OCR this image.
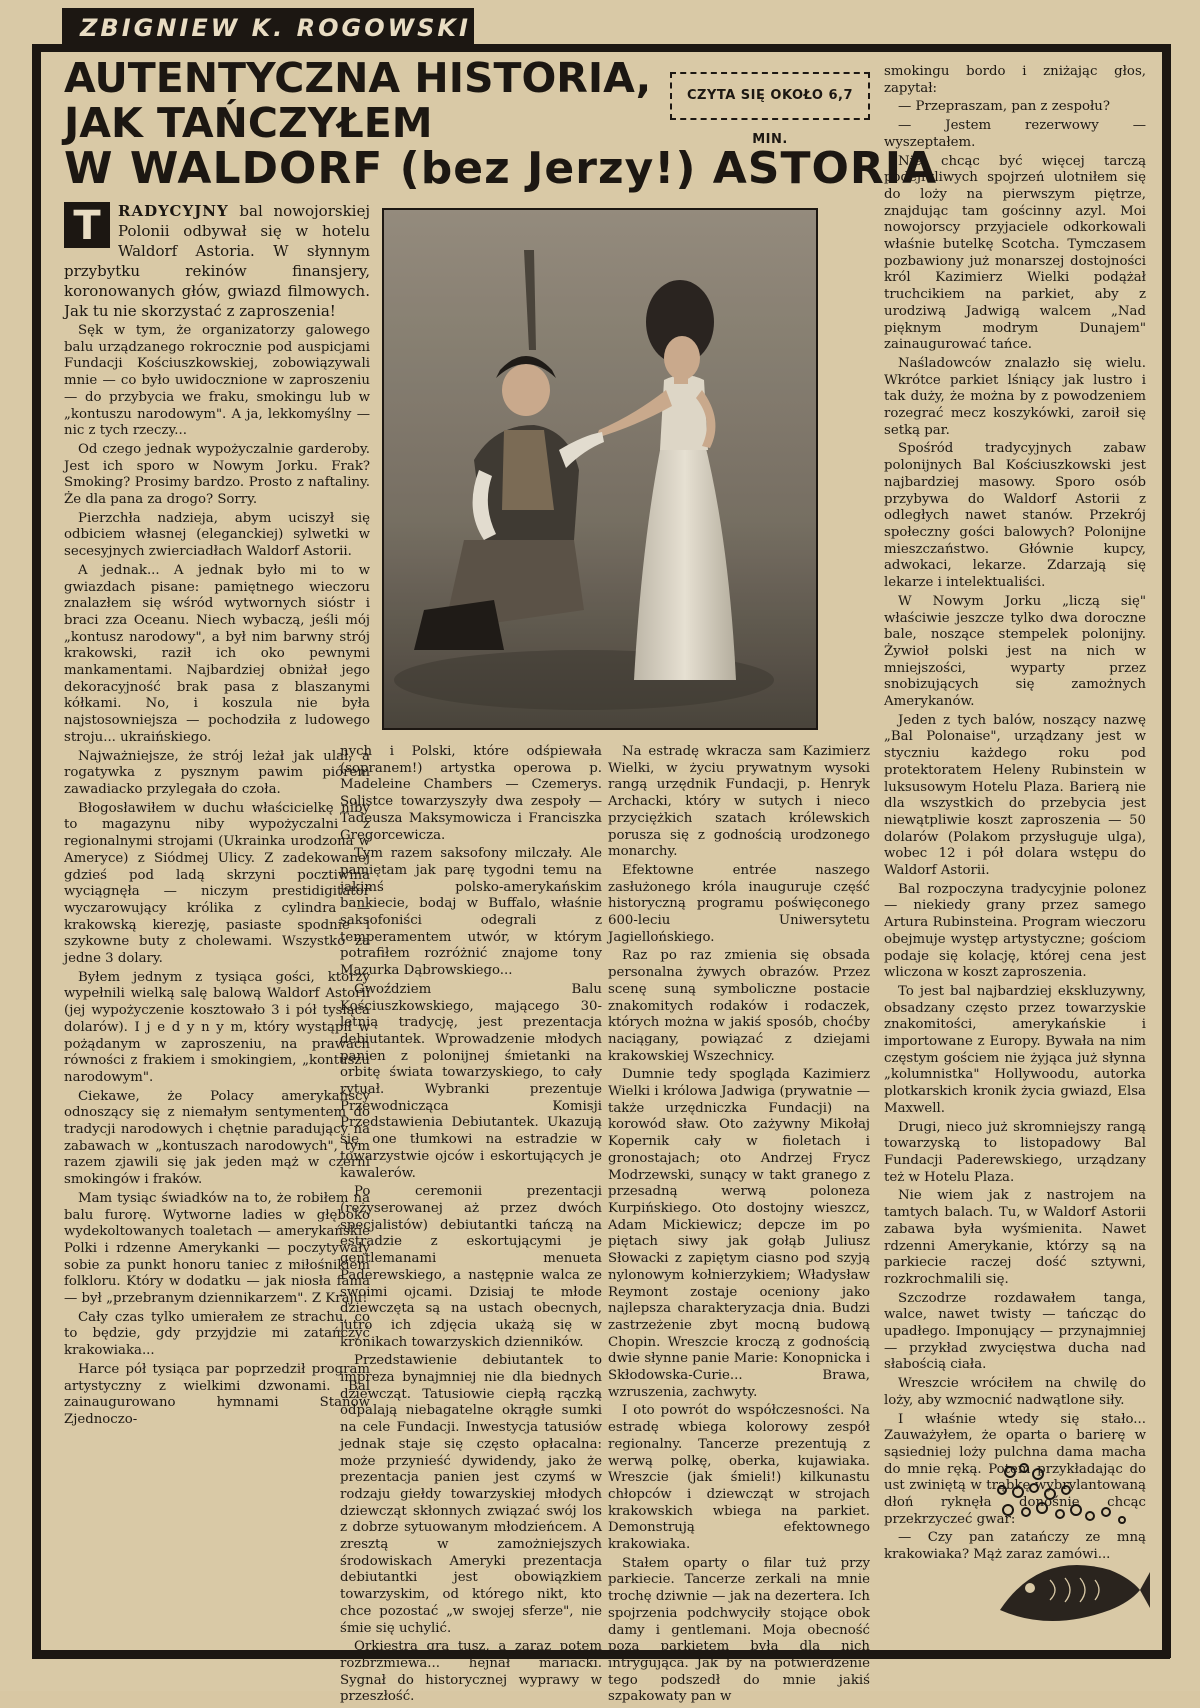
ZBIGNIEW K. ROGOWSKI
AUTENTYCZNA HISTORIA,
JAK TAŃCZYŁEM
W WALDORF (bez Jerzy!) ASTORIA
CZYTA SIĘ OKOŁO 6,7 MIN.

T	RADYCYJNY bal nowojorskiej Polonii odbywał się w hotelu Waldorf Astoria. W słynnym przybytku rekinów finansjery, koronowanych głów, gwiazd filmowych. Jak tu nie skorzystać z zaproszenia!

Sęk w tym, że organizatorzy galowego balu urządzanego rokrocznie pod auspicjami Fundacji Kościuszkowskiej, zobowiązywali mnie — co było uwidocznione w zaproszeniu — do przybycia we fraku, smokingu lub w „kontuszu narodowym". A ja, lekkomyślny — nic z tych rzeczy...

Od czego jednak wypożyczalnie garderoby. Jest ich sporo w Nowym Jorku. Frak? Smoking? Prosimy bardzo. Prosto z naftaliny. Że dla pana za drogo? Sorry.

Pierzchła nadzieja, abym uciszył się odbiciem własnej (eleganckiej) sylwetki w secesyjnych zwierciadłach Waldorf Astorii.

A jednak... A jednak było mi to w gwiazdach pisane: pamiętnego wieczoru znalazłem się wśród wytwornych sióstr i braci zza Oceanu. Niech wybaczą, jeśli mój „kontusz narodowy", a był nim barwny strój krakowski, raził ich oko pewnymi mankamentami. Najbardziej obniżał jego dekoracyjność brak pasa z blaszanymi kółkami. No, i koszula nie była najstosowniejsza — pochodziła z ludowego stroju... ukraińskiego.

Najważniejsze, że strój leżał jak ulał, a rogatywka z pysznym pawim piórem zawadiacko przylegała do czoła.

Błogosławiłem w duchu właścicielkę niby to magazynu niby wypożyczalni z regionalnymi strojami (Ukrainka urodzona w Ameryce) z Siódmej Ulicy. Z zadekowanej gdzieś pod ladą skrzyni pocztiwina wyciągnęła — niczym prestidigitator wyczarowujący królika z cylindra — krakowską kierezję, pasiaste spodnie i szykowne buty z cholewami. Wszystko za jedne 3 dolary.

Byłem jednym z tysiąca gości, którzy wypełnili wielką salę balową Waldorf Astorii (jej wypożyczenie kosztowało 3 i pół tysiąca dolarów). I j e d y n y m, który wystąpił w pożądanym w zaproszeniu, na prawach równości z frakiem i smokingiem, „kontuszu narodowym".

Ciekawe, że Polacy amerykańscy odnoszący się z niemałym sentymentem do tradycji narodowych i chętnie paradujący na zabawach w „kontuszach narodowych", tym razem zjawili się jak jeden mąż w czerni smokingów i fraków.

Mam tysiąc świadków na to, że robiłem na balu furorę. Wytworne ladies w głęboko wydekoltowanych toaletach — amerykańskie Polki i rdzenne Amerykanki — poczytywały sobie za punkt honoru taniec z miłośnikiem folkloru. Który w dodatku — jak niosła fama — był „przebranym dziennikarzem". Z Kraju!

Cały czas tylko umierałem ze strachu, co to będzie, gdy przyjdzie mi zatańczyć krakowiaka...

Harce pół tysiąca par poprzedził program artystyczny z wielkimi dzwonami. Bal zainaugurowano hymnami Stanów Zjednoczo-

nych i Polski, które odśpiewała (sopranem!) artystka operowa p. Madeleine Chambers — Czemerys. Solistce towarzyszyły dwa zespoły — Tadeusza Maksymowicza i Franciszka Gregorcewicza.

Tym razem saksofony milczały. Ale pamiętam jak parę tygodni temu na jakimś polsko-amerykańskim bankiecie, bodaj w Buffalo, właśnie saksofoniści odegrali z temperamentem utwór, w którym potrafiłem rozróżnić znajome tony Mazurka Dąbrowskiego...

Gwoździem Balu Kościuszkowskiego, mającego 30-letnią tradycję, jest prezentacja debiutantek. Wprowadzenie młodych panien z polonijnej śmietanki na orbitę świata towarzyskiego, to cały rytuał. Wybranki prezentuje Przewodnicząca Komisji Przedstawienia Debiutantek. Ukazują się one tłumkowi na estradzie w towarzystwie ojców i eskortujących je kawalerów.

Po ceremonii prezentacji (reżyserowanej aż przez dwóch specjalistów) debiutantki tańczą na estradzie z eskortującymi je gentlemanami menueta Paderewskiego, a następnie walca ze swoimi ojcami. Dzisiaj te młode dziewczęta są na ustach obecnych, jutro ich zdjęcia ukażą się w kronikach towarzyskich dzienników.

Przedstawienie debiutantek to impreza bynajmniej nie dla biednych dziewcząt. Tatusiowie ciepłą rączką odpalają niebagatelne okrągłe sumki na cele Fundacji. Inwestycja tatusiów jednak staje się często opłacalna: może przynieść dywidendy, jako że prezentacja panien jest czymś w rodzaju giełdy towarzyskiej młodych dziewcząt skłonnych związać swój los z dobrze sytuowanym młodzieńcem. A zresztą w zamożniejszych środowiskach Ameryki prezentacja debiutantki jest obowiązkiem towarzyskim, od którego nikt, kto chce pozostać „w swojej sferze", nie śmie się uchylić.

Orkiestra gra tusz, a zaraz potem rozbrzmiewa... hejnał mariacki. Sygnał do historycznej wyprawy w przeszłość.

Na estradę wkracza sam Kazimierz Wielki, w życiu prywatnym wysoki rangą urzędnik Fundacji, p. Henryk Archacki, który w sutych i nieco przyciężkich szatach królewskich porusza się z godnością urodzonego monarchy.

Efektowne entrée naszego zasłużonego króla inauguruje część historyczną programu poświęconego 600-leciu Uniwersytetu Jagiellońskiego.

Raz po raz zmienia się obsada personalna żywych obrazów. Przez scenę suną symboliczne postacie znakomitych rodaków i rodaczek, których można w jakiś sposób, choćby naciągany, powiązać z dziejami krakowskiej Wszechnicy.

Dumnie tedy spogląda Kazimierz Wielki i królowa Jadwiga (prywatnie — także urzędniczka Fundacji) na korowód sław. Oto zażywny Mikołaj Kopernik cały w fioletach i gronostajach; oto Andrzej Frycz Modrzewski, sunący w takt granego z przesadną werwą poloneza Kurpińskiego. Oto dostojny wieszcz, Adam Mickiewicz; depcze im po piętach siwy jak gołąb Juliusz Słowacki z zapiętym ciasno pod szyją nylonowym kołnierzykiem; Władysław Reymont zostaje oceniony jako najlepsza charakteryzacja dnia. Budzi zastrzeżenie zbyt mocną budową Chopin. Wreszcie kroczą z godnością dwie słynne panie Marie: Konopnicka i Skłodowska-Curie... Brawa, wzruszenia, zachwyty.

I oto powrót do współczesności. Na estradę wbiega kolorowy zespół regionalny. Tancerze prezentują z werwą polkę, oberka, kujawiaka. Wreszcie (jak śmieli!) kilkunastu chłopców i dziewcząt w strojach krakowskich wbiega na parkiet. Demonstrują efektownego krakowiaka.

Stałem oparty o filar tuż przy parkiecie. Tancerze zerkali na mnie trochę dziwnie — jak na dezertera. Ich spojrzenia podchwyciły stojące obok damy i gentlemani. Moja obecność poza parkietem była dla nich intrygująca. Jak by na potwierdzenie tego podszedł do mnie jakiś szpakowaty pan w

smokingu bordo i zniżając głos, zapytał:

— Przepraszam, pan z zespołu?

— Jestem rezerwowy — wyszeptałem.

Nie chcąc być więcej tarczą podejrzliwych spojrzeń ulotniłem się do loży na pierwszym piętrze, znajdując tam gościnny azyl. Moi nowojorscy przyjaciele odkorkowali właśnie butelkę Scotcha. Tymczasem pozbawiony już monarszej dostojności król Kazimierz Wielki podążał truchcikiem na parkiet, aby z urodziwą Jadwigą walcem „Nad pięknym modrym Dunajem" zainaugurować tańce.

Naśladowców znalazło się wielu. Wkrótce parkiet lśniący jak lustro i tak duży, że można by z powodzeniem rozegrać mecz koszykówki, zaroił się setką par.

Spośród tradycyjnych zabaw polonijnych Bal Kościuszkowski jest najbardziej masowy. Sporo osób przybywa do Waldorf Astorii z odległych nawet stanów. Przekrój społeczny gości balowych? Polonijne mieszczaństwo. Głównie kupcy, adwokaci, lekarze. Zdarzają się lekarze i intelektualiści.

W Nowym Jorku „liczą się" właściwie jeszcze tylko dwa doroczne bale, noszące stempelek polonijny. Żywioł polski jest na nich w mniejszości, wyparty przez snobizujących się zamożnych Amerykanów.

Jeden z tych balów, noszący nazwę „Bal Polonaise", urządzany jest w styczniu każdego roku pod protektoratem Heleny Rubinstein w luksusowym Hotelu Plaza. Barierą nie dla wszystkich do przebycia jest niewątpliwie koszt zaproszenia — 50 dolarów (Polakom przysługuje ulga), wobec 12 i pół dolara wstępu do Waldorf Astorii.

Bal rozpoczyna tradycyjnie polonez — niekiedy grany przez samego Artura Rubinsteina. Program wieczoru obejmuje występ artystyczne; gościom podaje się kolację, której cena jest wliczona w koszt zaproszenia.

To jest bal najbardziej ekskluzywny, obsadzany często przez towarzyskie znakomitości, amerykańskie i importowane z Europy. Bywała na nim częstym gościem nie żyjąca już słynna „kolumnistka" Hollywoodu, autorka plotkarskich kronik życia gwiazd, Elsa Maxwell.

Drugi, nieco już skromniejszy rangą towarzyską to listopadowy Bal Fundacji Paderewskiego, urządzany też w Hotelu Plaza.

Nie wiem jak z nastrojem na tamtych balach. Tu, w Waldorf Astorii zabawa była wyśmienita. Nawet rdzenni Amerykanie, którzy są na parkiecie raczej dość sztywni, rozkrochmalili się.

Szczodrze rozdawałem tanga, walce, nawet twisty — tańcząc do upadłego. Imponujący — przynajmniej — przykład zwycięstwa ducha nad słabością ciała.

Wreszcie wróciłem na chwilę do loży, aby wzmocnić nadwątlone siły.

I właśnie wtedy się stało... Zauważyłem, że oparta o barierę w sąsiedniej loży pulchna dama macha do mnie ręką. Potem przykładając do ust zwiniętą w trąbkę wybrylantowaną dłoń ryknęła donośnie chcąc przekrzyczeć gwar:

— Czy pan zatańczy ze mną krakowiaka? Mąż zaraz zamówi...
